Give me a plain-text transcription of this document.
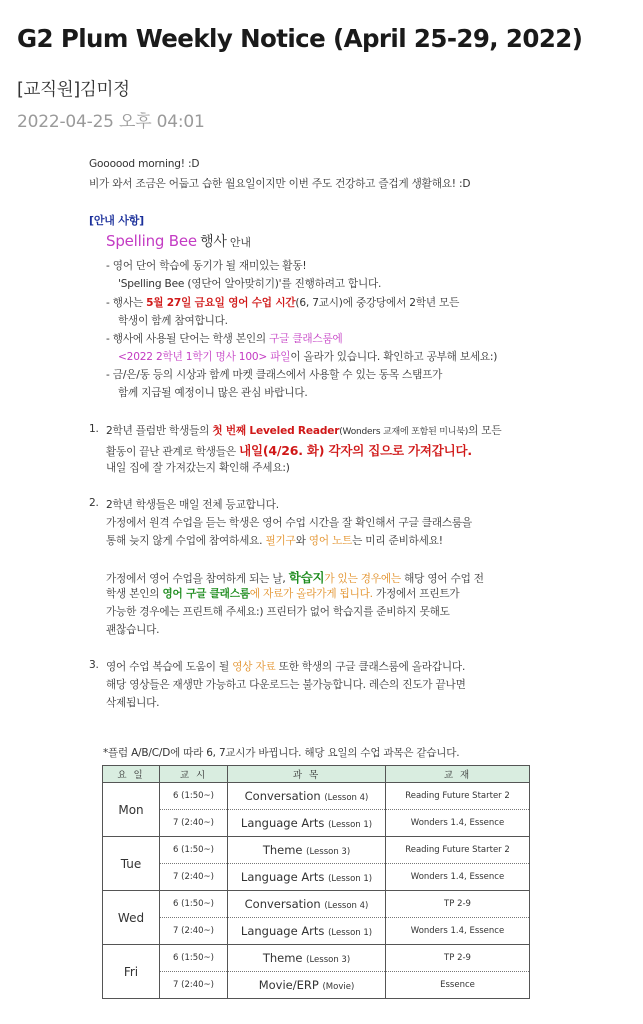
G2 Plum Weekly Notice (April 25-29, 2022)
[교직원]김미정
2022-04-25 오후 04:01
Goooood morning! :D
비가 와서 조금은 어둡고 습한 월요일이지만 이번 주도 건강하고 즐겁게 생활해요! :D
[안내 사항]
Spelling Bee 행사 안내
- 영어 단어 학습에 동기가 될 재미있는 활동!
'Spelling Bee (영단어 알아맞히기)'를 진행하려고 합니다.
- 행사는 5월 27일 금요일 영어 수업 시간(6, 7교시)에 중강당에서 2학년 모든
학생이 함께 참여합니다.
- 행사에 사용될 단어는 학생 본인의 구글 클래스룸에
<2022 2학년 1학기 명사 100> 파일이 올라가 있습니다. 확인하고 공부해 보세요:)
- 금/은/동 등의 시상과 함께 마켓 클래스에서 사용할 수 있는 동목 스탬프가
함께 지급될 예정이니 많은 관심 바랍니다.
1. 2학년 플럼반 학생들의 첫 번째 Leveled Reader(Wonders 교재에 포함된 미니북)의 모든
활동이 끝난 관계로 학생들은 내일(4/26. 화) 각자의 집으로 가져갑니다.
내일 집에 잘 가져갔는지 확인해 주세요:)
2. 2학년 학생들은 매일 전체 등교합니다.
가정에서 원격 수업을 듣는 학생은 영어 수업 시간을 잘 확인해서 구글 클래스룸을
통해 늦지 않게 수업에 참여하세요. 필기구와 영어 노트는 미리 준비하세요!
가정에서 영어 수업을 참여하게 되는 날, 학습지가 있는 경우에는 해당 영어 수업 전
학생 본인의 영어 구글 클래스룸에 자료가 올라가게 됩니다. 가정에서 프린트가
가능한 경우에는 프린트해 주세요:) 프린터가 없어 학습지를 준비하지 못해도
괜찮습니다.
3. 영어 수업 복습에 도움이 될 영상 자료 또한 학생의 구글 클래스룸에 올라갑니다.
해당 영상들은 재생만 가능하고 다운로드는 불가능합니다. 레슨의 진도가 끝나면
삭제됩니다.
*플럼 A/B/C/D에 따라 6, 7교시가 바뀝니다. 해당 요일의 수업 과목은 같습니다.
요 일	교 시	과 목	교 재
Mon	6 (1:50~)	Conversation (Lesson 4)	Reading Future Starter 2
	7 (2:40~)	Language Arts (Lesson 1)	Wonders 1.4, Essence
Tue	6 (1:50~)	Theme (Lesson 3)	Reading Future Starter 2
	7 (2:40~)	Language Arts (Lesson 1)	Wonders 1.4, Essence
Wed	6 (1:50~)	Conversation (Lesson 4)	TP 2-9
	7 (2:40~)	Language Arts (Lesson 1)	Wonders 1.4, Essence
Fri	6 (1:50~)	Theme (Lesson 3)	TP 2-9
	7 (2:40~)	Movie/ERP (Movie)	Essence
